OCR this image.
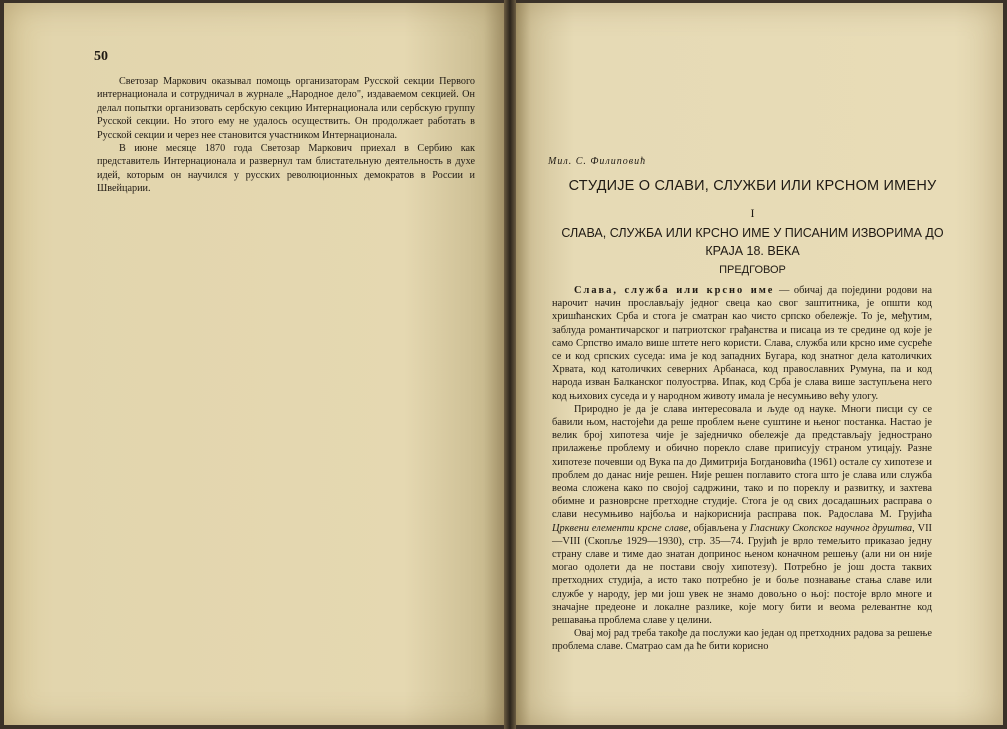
50

Светозар Маркович оказывал помощь организаторам Русской секции Первого интернационала и сотрудничал в журнале „Народное дело", издаваемом секцией. Он делал попытки организовать сербскую секцию Интернационала или сербскую группу Русской секции. Но этого ему не удалось осуществить. Он продолжает работать в Русской секции и через нее становится участником Интернационала.

В июне месяце 1870 года Светозар Маркович приехал в Сербию как представитель Интернационала и развернул там блистательную деятельность в духе идей, которым он научился у русских революционных демократов в России и Швейцарии.

Мил. С. Филиповић
СТУДИЈЕ О СЛАВИ, СЛУЖБИ ИЛИ КРСНОМ ИМЕНУ
I
СЛАВА, СЛУЖБА ИЛИ КРСНО ИМЕ У ПИСАНИМ ИЗВОРИМА ДО КРАЈА 18. ВЕКА
ПРЕДГОВОР

Слава, служба или крсно име — обичај да поједини родови на нарочит начин прослављају једног свеца као свог заштитника, је општи код хришћанских Срба и стога је сматран као чисто српско обележје. То је, међутим, заблуда романтичарског и патриотског грађанства и писаца из те средине од које је само Српство имало више штете него користи. Слава, служба или крсно име сусреће се и код српских суседа: има је код западних Бугара, код знатног дела католичких Хрвата, код католичких северних Арбанаса, код православних Румуна, па и код народа изван Балканског полуострва. Ипак, код Срба је слава више заступљена него код њихових суседа и у народном животу имала је несумњиво већу улогу.

Природно је да је слава интересовала и људе од науке. Многи писци су се бавили њом, настојећи да реше проблем њене суштине и њеног постанка. Настао је велик број хипотеза чије је заједничко обележје да представљају једнострано прилажење проблему и обично порекло славе приписују страном утицају. Разне хипотезе почевши од Вука па до Димитрија Богдановића (1961) остале су хипотезе и проблем до данас није решен. Није решен поглавито стога што је слава или служба веома сложена како по својој садржини, тако и по пореклу и развитку, и захтева обимне и разноврсне претходне студије. Стога је од свих досадашњих расправа о слави несумњиво најбоља и најкориснија расправа пок. Радослава М. Грујића Црквени елементи крсне славе, објављена у Гласнику Скопског научног друштва, VII—VIII (Скопље 1929—1930), стр. 35—74. Грујић је врло темељито приказао једну страну славе и тиме дао знатан допринос њеном коначном решењу (али ни он није могао одолети да не постави своју хипотезу). Потребно је још доста таквих претходних студија, а исто тако потребно је и боље познавање стања славе или службе у народу, јер ми још увек не знамо довољно о њој: постоје врло многе и значајне предеоне и локалне разлике, које могу бити и веома релевантне код решавања проблема славе у целини.

Овај мој рад треба такође да послужи као један од претходних радова за решење проблема славе. Сматрао сам да ће бити корисно
